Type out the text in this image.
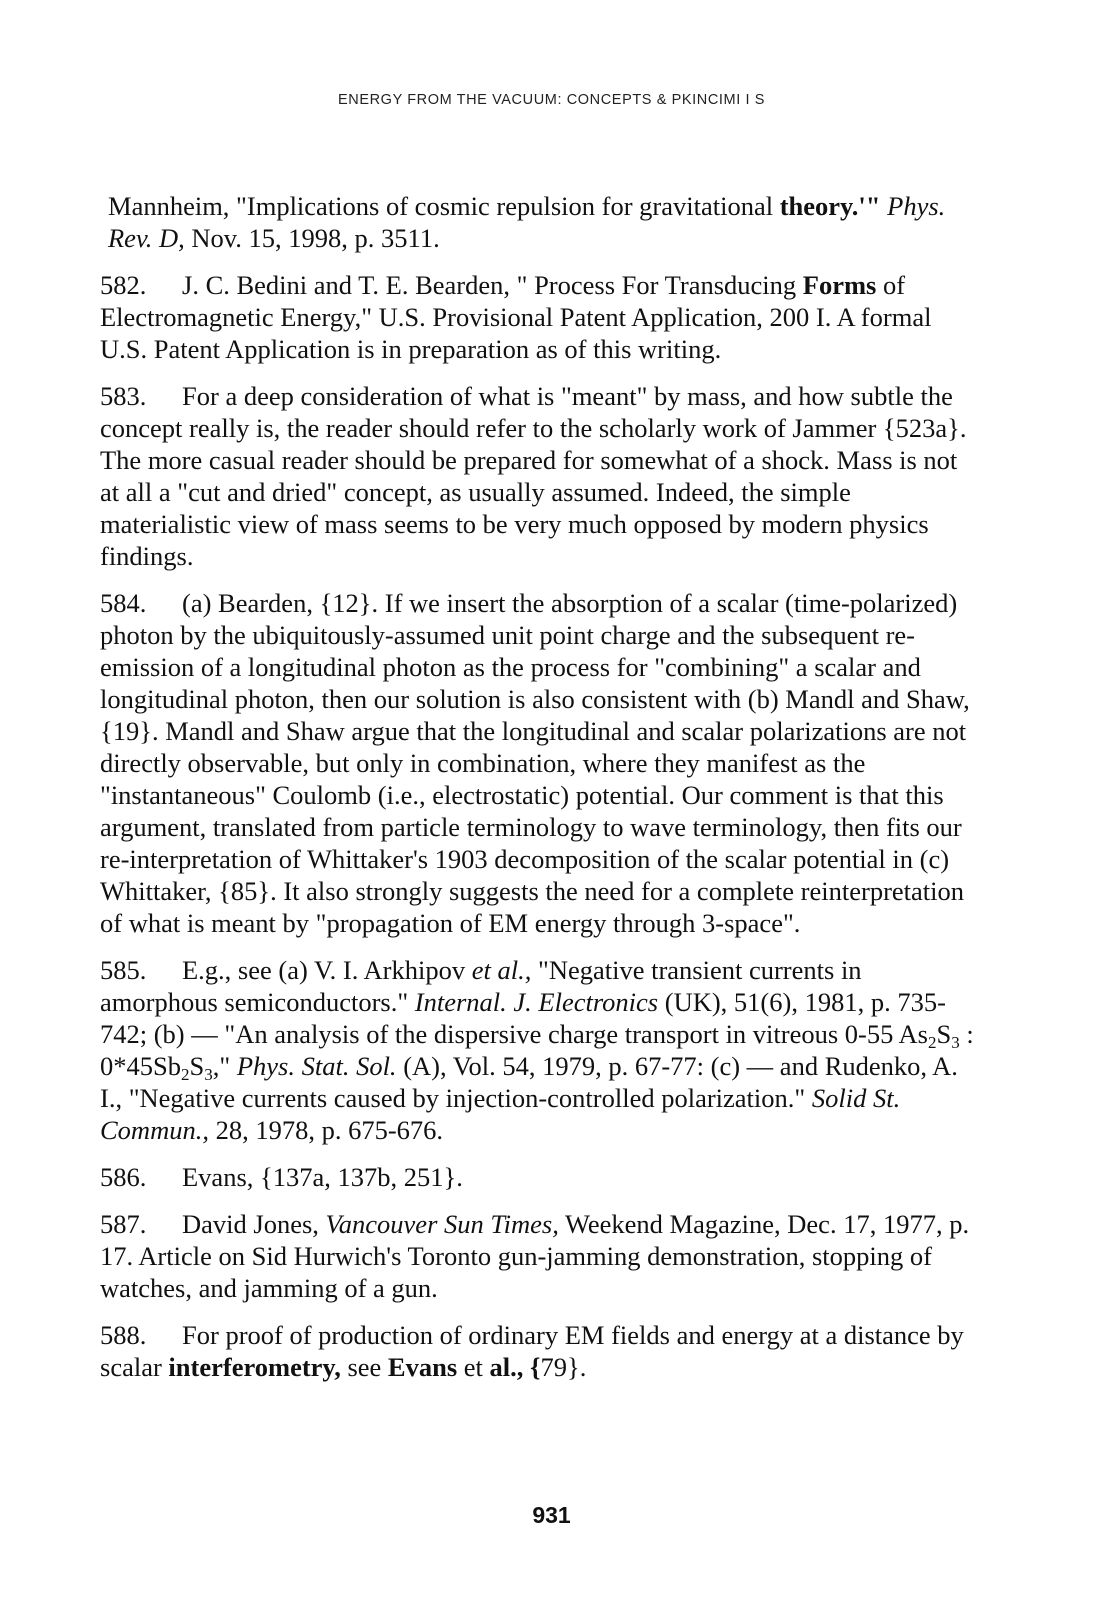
ENERGY FROM THE VACUUM: CONCEPTS & PKINCIMI I S

Mannheim, "Implications of cosmic repulsion for gravitational theory.'" Phys. Rev. D, Nov. 15, 1998, p. 3511.

582. J. C. Bedini and T. E. Bearden, " Process For Transducing Forms of Electromagnetic Energy," U.S. Provisional Patent Application, 200 I. A formal U.S. Patent Application is in preparation as of this writing.

583. For a deep consideration of what is "meant" by mass, and how subtle the concept really is, the reader should refer to the scholarly work of Jammer {523a}. The more casual reader should be prepared for somewhat of a shock. Mass is not at all a "cut and dried" concept, as usually assumed. Indeed, the simple materialistic view of mass seems to be very much opposed by modern physics findings.

584. (a) Bearden, {12}. If we insert the absorption of a scalar (time-polarized) photon by the ubiquitously-assumed unit point charge and the subsequent re-emission of a longitudinal photon as the process for "combining" a scalar and longitudinal photon, then our solution is also consistent with (b) Mandl and Shaw, {19}. Mandl and Shaw argue that the longitudinal and scalar polarizations are not directly observable, but only in combination, where they manifest as the "instantaneous" Coulomb (i.e., electrostatic) potential. Our comment is that this argument, translated from particle terminology to wave terminology, then fits our re-interpretation of Whittaker's 1903 decomposition of the scalar potential in (c) Whittaker, {85}. It also strongly suggests the need for a complete reinterpretation of what is meant by "propagation of EM energy through 3-space".

585. E.g., see (a) V. I. Arkhipov et al., "Negative transient currents in amorphous semiconductors." Internal. J. Electronics (UK), 51(6), 1981, p. 735-742; (b) — "An analysis of the dispersive charge transport in vitreous 0-55 $As_2S_3$ : $0*45Sb_2S_3$," Phys. Stat. Sol. (A), Vol. 54, 1979, p. 67-77: (c) — and Rudenko, A. I., "Negative currents caused by injection-controlled polarization." Solid St. Commun., 28, 1978, p. 675-676.

586. Evans, {137a, 137b, 251}.

587. David Jones, Vancouver Sun Times, Weekend Magazine, Dec. 17, 1977, p. 17. Article on Sid Hurwich's Toronto gun-jamming demonstration, stopping of watches, and jamming of a gun.

588. For proof of production of ordinary EM fields and energy at a distance by scalar interferometry, see Evans et al., {79}.

931
